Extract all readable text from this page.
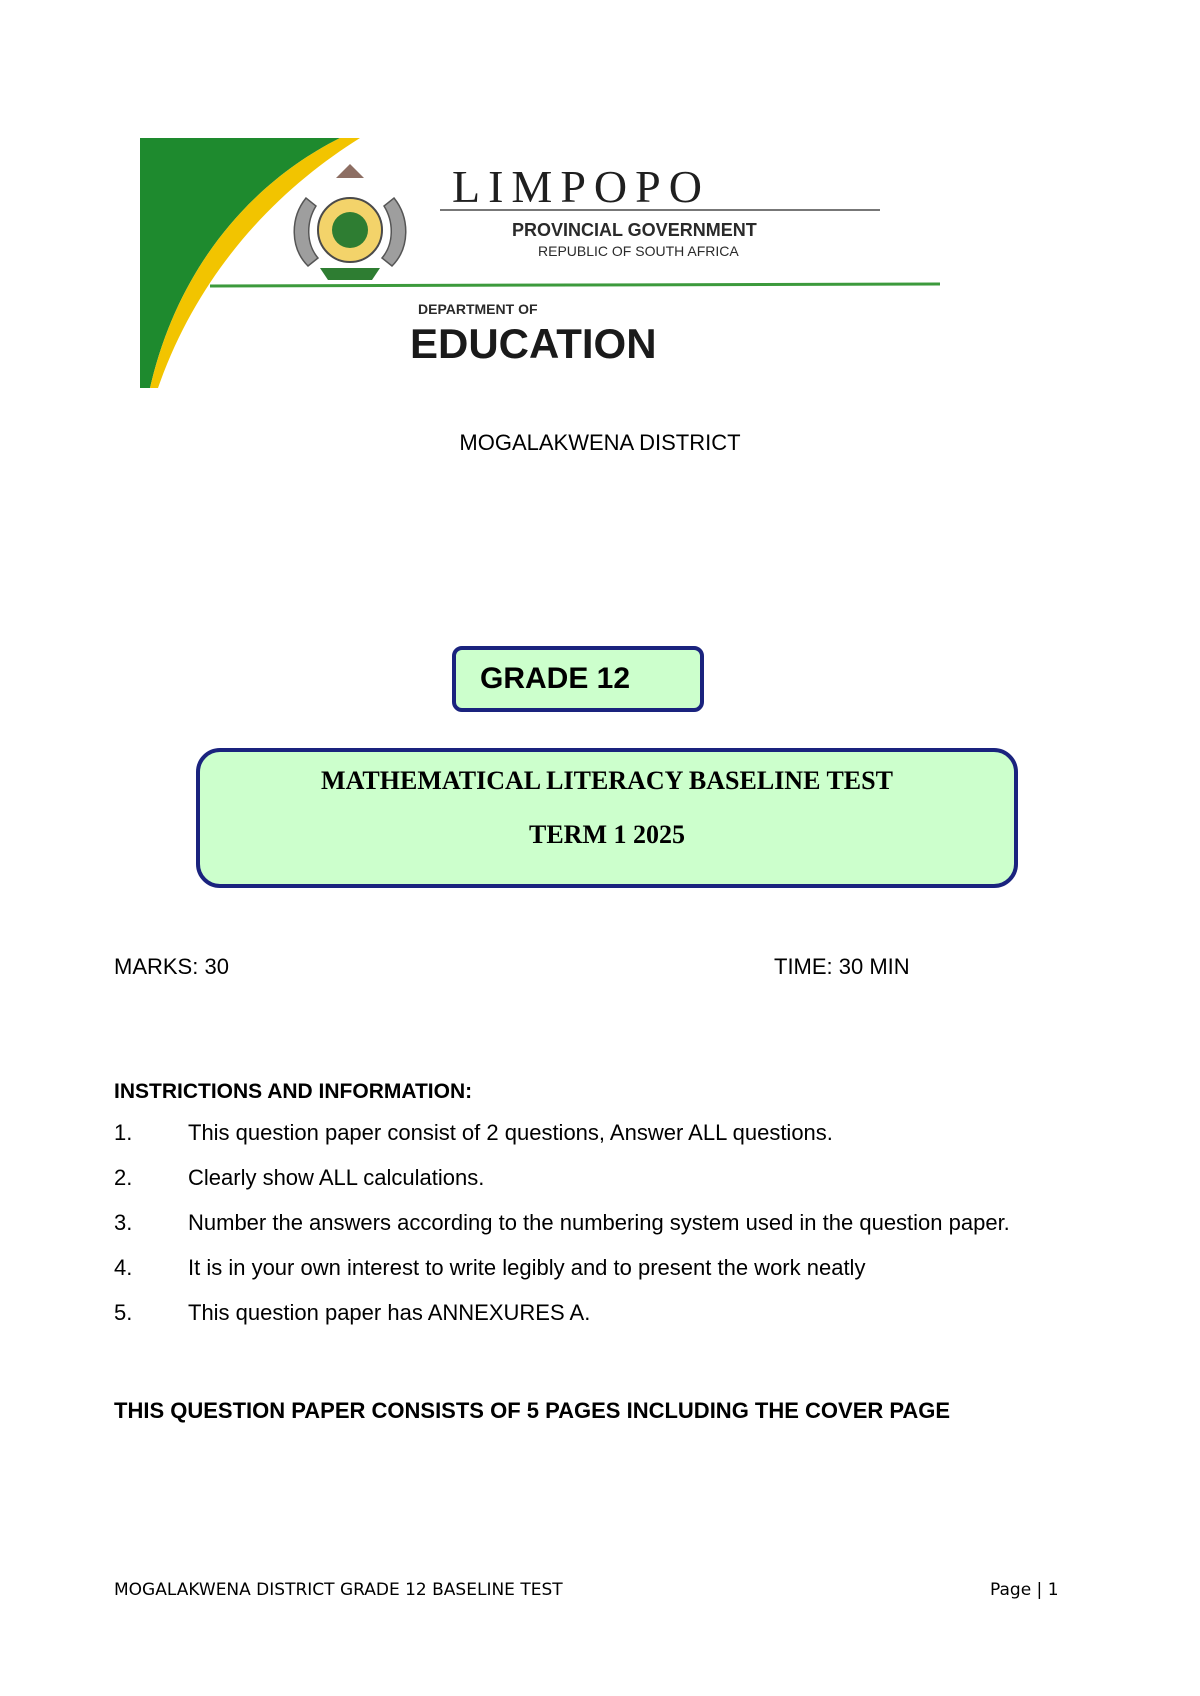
LIMPOPO
PROVINCIAL GOVERNMENT
REPUBLIC OF SOUTH AFRICA
DEPARTMENT OF
EDUCATION
MOGALAKWENA DISTRICT
GRADE 12
MATHEMATICAL LITERACY BASELINE TEST
TERM 1 2025
MARKS: 30	TIME: 30 MIN
INSTRICTIONS AND INFORMATION:
1.	This question paper consist of 2 questions, Answer ALL questions.
2.	Clearly show ALL calculations.
3.	Number the answers according to the numbering system used in the question paper.
4.	It is in your own interest to write legibly and to present the work neatly
5.	This question paper has ANNEXURES A.
THIS QUESTION PAPER CONSISTS OF 5 PAGES INCLUDING THE COVER PAGE
MOGALAKWENA DISTRICT GRADE 12 BASELINE TEST	Page | 1
